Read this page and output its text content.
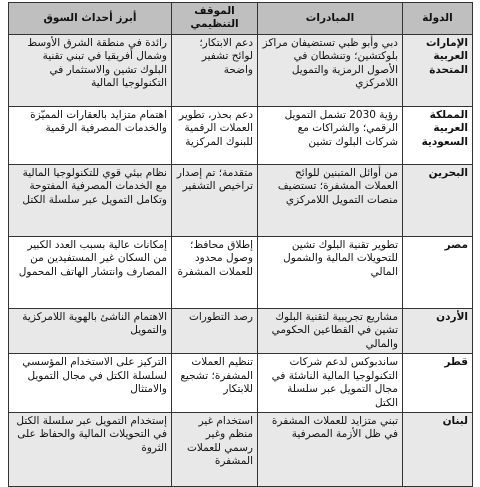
الدولة	المبادرات	الموقف التنظيمي	أبرز أحداث السوق
الإمارات العربية المتحدة	دبي وأبو ظبي تستضيفان مراكز بلوكتشين؛ وتنشطان في الأصول الرمزية والتمويل اللامركزي	دعم الابتكار؛ لوائح تشفير واضحة	رائدة في منطقة الشرق الأوسط وشمال أفريقيا في تبني تقنية البلوك تشين والاستثمار في التكنولوجيا المالية
المملكة العربية السعودية	رؤية 2030 تشمل التمويل الرقمي؛ والشراكات مع شركات البلوك تشين	دعم بحذر، تطوير العملات الرقمية للبنوك المركزية	اهتمام متزايد بالعقارات المميّزة والخدمات المصرفية الرقمية
البحرين	من أوائل المتبنين للوائح العملات المشفرة؛ تستضيف منصات التمويل اللامركزي	متقدمة؛ تم إصدار تراخيص التشفير	نظام بيئي قوي للتكنولوجيا المالية مع الخدمات المصرفية المفتوحة وتكامل التمويل عبر سلسلة الكتل
مصر	تطوير تقنية البلوك تشين للتحويلات المالية والشمول المالي	إطلاق محافظ؛ وصول محدود للعملات المشفرة	إمكانات عالية بسبب العدد الكبير من السكان غير المستفيدين من المصارف وانتشار الهاتف المحمول
الأردن	مشاريع تجريبية لتقنية البلوك تشين في القطاعين الحكومي والمالي	رصد التطورات	الاهتمام الناشئ بالهوية اللامركزية والتمويل
قطر	ساندبوكس لدعم شركات التكنولوجيا المالية الناشئة في مجال التمويل عبر سلسلة الكتل	تنظيم العملات المشفرة؛ تشجيع للابتكار	التركيز على الاستخدام المؤسسي لسلسلة الكتل في مجال التمويل والامتثال
لبنان	تبني متزايد للعملات المشفرة في ظل الأزمة المصرفية	استخدام غير منظم وغير رسمي للعملات المشفرة	إستخدام التمويل عبر سلسلة الكتل في التحويلات المالية والحفاظ على الثروة
